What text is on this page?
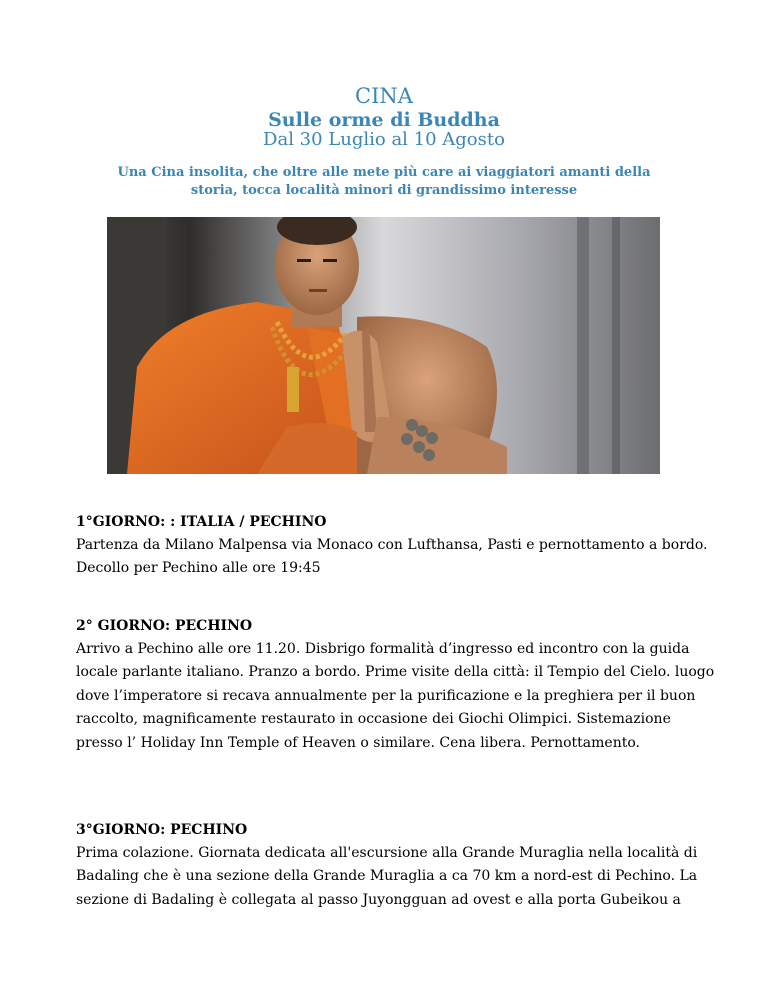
CINA
Sulle orme di Buddha
Dal 30 Luglio al 10 Agosto
Una Cina insolita, che oltre alle mete più care ai viaggiatori amanti della storia, tocca località minori di grandissimo interesse
1°GIORNO: : ITALIA / PECHINO

Partenza da Milano Malpensa via Monaco con Lufthansa, Pasti e pernottamento a bordo. Decollo per Pechino alle ore 19:45

2° GIORNO: PECHINO

Arrivo a Pechino alle ore 11.20. Disbrigo formalità d’ingresso ed incontro con la guida locale parlante italiano. Pranzo a bordo. Prime visite della città: il Tempio del Cielo. luogo dove l’imperatore si recava annualmente per la purificazione e la preghiera per il buon raccolto, magnificamente restaurato in occasione dei Giochi Olimpici. Sistemazione presso l’ Holiday Inn Temple of Heaven o similare. Cena libera. Pernottamento.

3°GIORNO: PECHINO

Prima colazione. Giornata dedicata all'escursione alla Grande Muraglia nella località di Badaling che è una sezione della Grande Muraglia a ca 70 km a nord-est di Pechino. La sezione di Badaling è collegata al passo Juyongguan ad ovest e alla porta Gubeikou a
